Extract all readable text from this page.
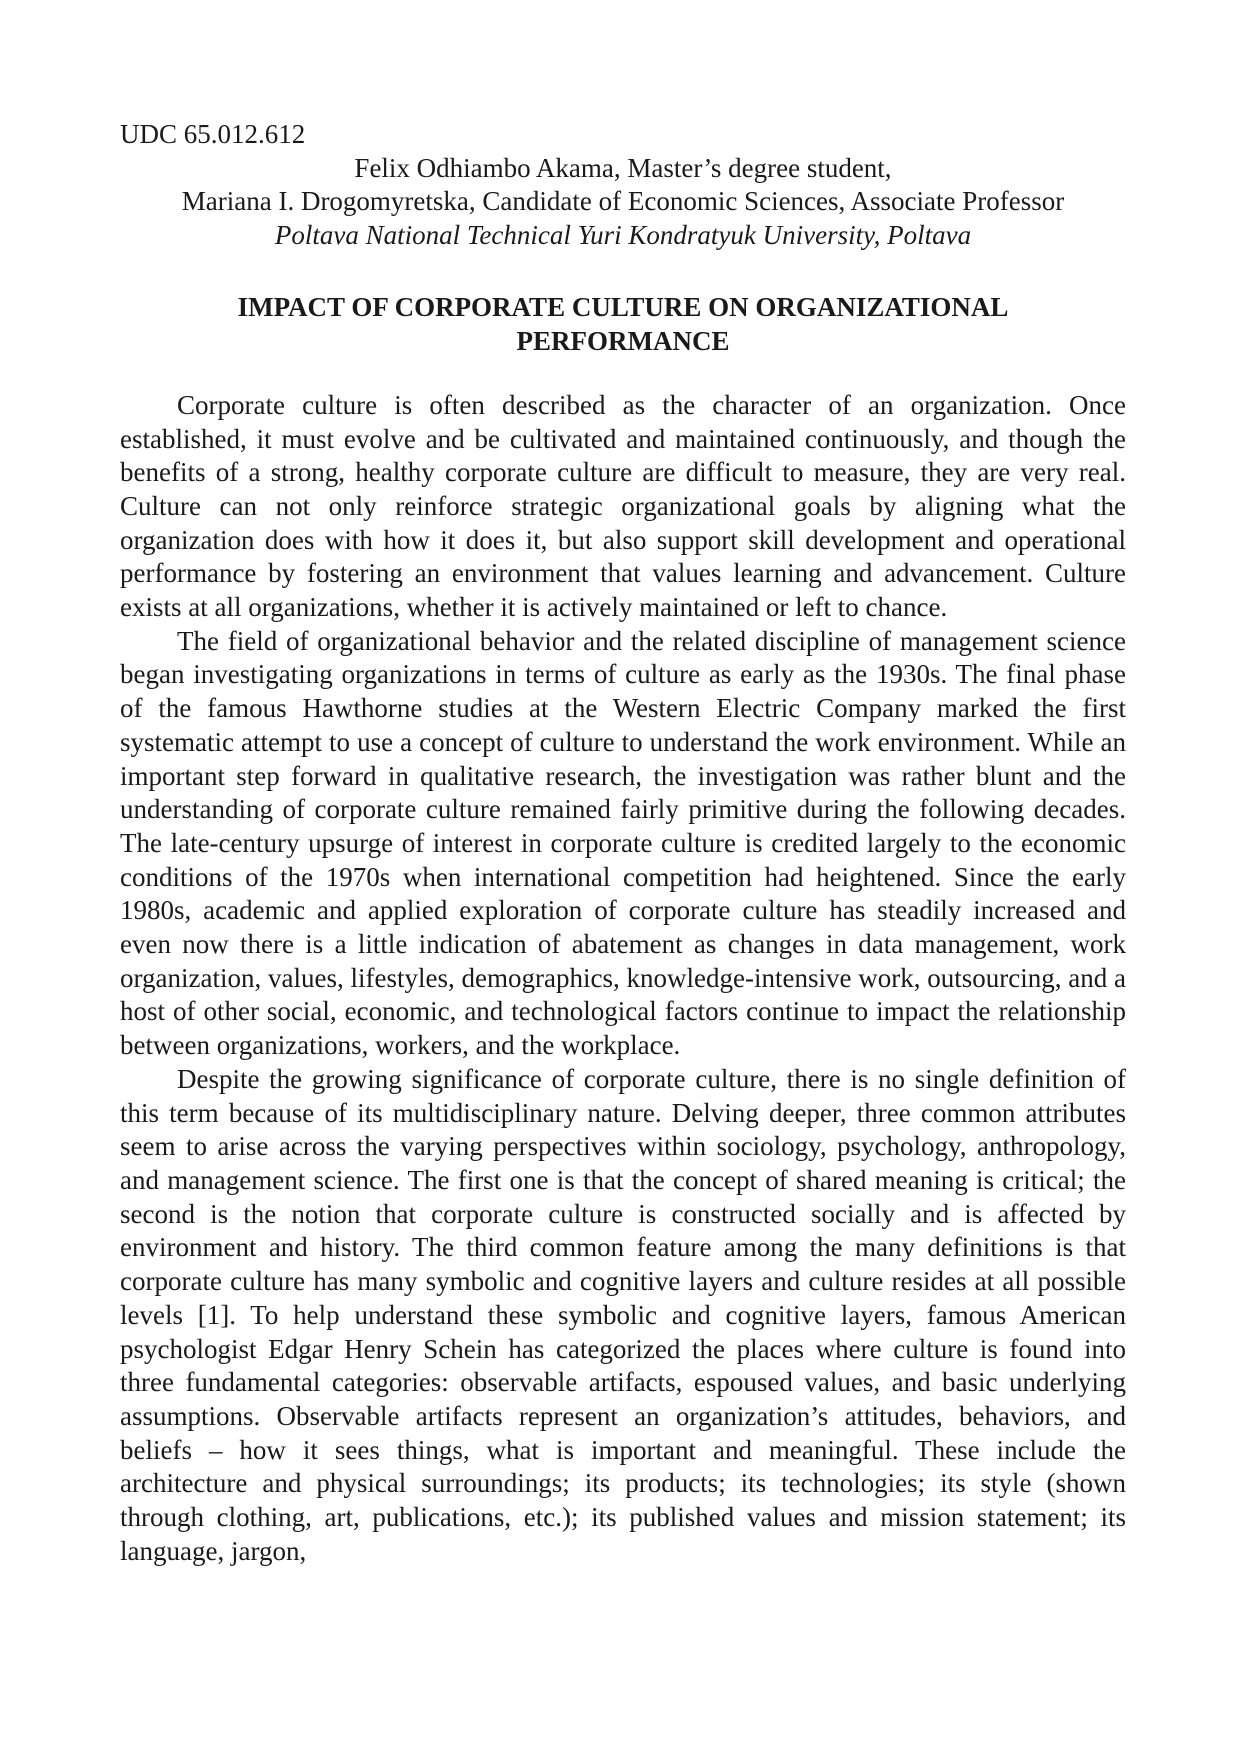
UDC 65.012.612

Felix Odhiambo Akama, Master’s degree student,

Mariana I. Drogomyretska, Candidate of Economic Sciences, Associate Professor

Poltava National Technical Yuri Kondratyuk University, Poltava

IMPACT OF CORPORATE CULTURE ON ORGANIZATIONAL
PERFORMANCE

Corporate culture is often described as the character of an organization. Once established, it must evolve and be cultivated and maintained continuously, and though the benefits of a strong, healthy corporate culture are difficult to measure, they are very real. Culture can not only reinforce strategic organizational goals by aligning what the organization does with how it does it, but also support skill development and operational performance by fostering an environment that values learning and advancement. Culture exists at all organizations, whether it is actively maintained or left to chance.

The field of organizational behavior and the related discipline of management science began investigating organizations in terms of culture as early as the 1930s. The final phase of the famous Hawthorne studies at the Western Electric Company marked the first systematic attempt to use a concept of culture to understand the work environment. While an important step forward in qualitative research, the investigation was rather blunt and the understanding of corporate culture remained fairly primitive during the following decades. The late-century upsurge of interest in corporate culture is credited largely to the economic conditions of the 1970s when international competition had heightened. Since the early 1980s, academic and applied exploration of corporate culture has steadily increased and even now there is a little indication of abatement as changes in data management, work organization, values, lifestyles, demographics, knowledge-intensive work, outsourcing, and a host of other social, economic, and technological factors continue to impact the relationship between organizations, workers, and the workplace.

Despite the growing significance of corporate culture, there is no single definition of this term because of its multidisciplinary nature. Delving deeper, three common attributes seem to arise across the varying perspectives within sociology, psychology, anthropology, and management science. The first one is that the concept of shared meaning is critical; the second is the notion that corporate culture is constructed socially and is affected by environment and history. The third common feature among the many definitions is that corporate culture has many symbolic and cognitive layers and culture resides at all possible levels [1]. To help understand these symbolic and cognitive layers, famous American psychologist Edgar Henry Schein has categorized the places where culture is found into three fundamental categories: observable artifacts, espoused values, and basic underlying assumptions. Observable artifacts represent an organization’s attitudes, behaviors, and beliefs – how it sees things, what is important and meaningful. These include the architecture and physical surroundings; its products; its technologies; its style (shown through clothing, art, publications, etc.); its published values and mission statement; its language, jargon,
